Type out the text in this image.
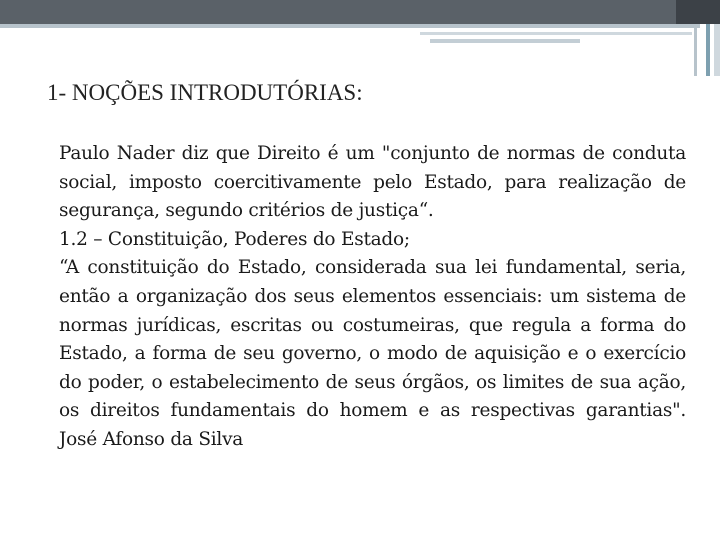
1- NOÇÕES INTRODUTÓRIAS:

Paulo Nader diz que Direito é um "conjunto de normas de conduta social, imposto coercitivamente pelo Estado, para realização de segurança, segundo critérios de justiça“.

1.2 – Constituição, Poderes do Estado;

“A constituição do Estado, considerada sua lei fundamental, seria, então a organização dos seus elementos essenciais: um sistema de normas jurídicas, escritas ou costumeiras, que regula a forma do Estado, a forma de seu governo, o modo de aquisição e o exercício do poder, o estabelecimento de seus órgãos, os limites de sua ação, os direitos fundamentais do homem e as respectivas garantias". José Afonso da Silva
